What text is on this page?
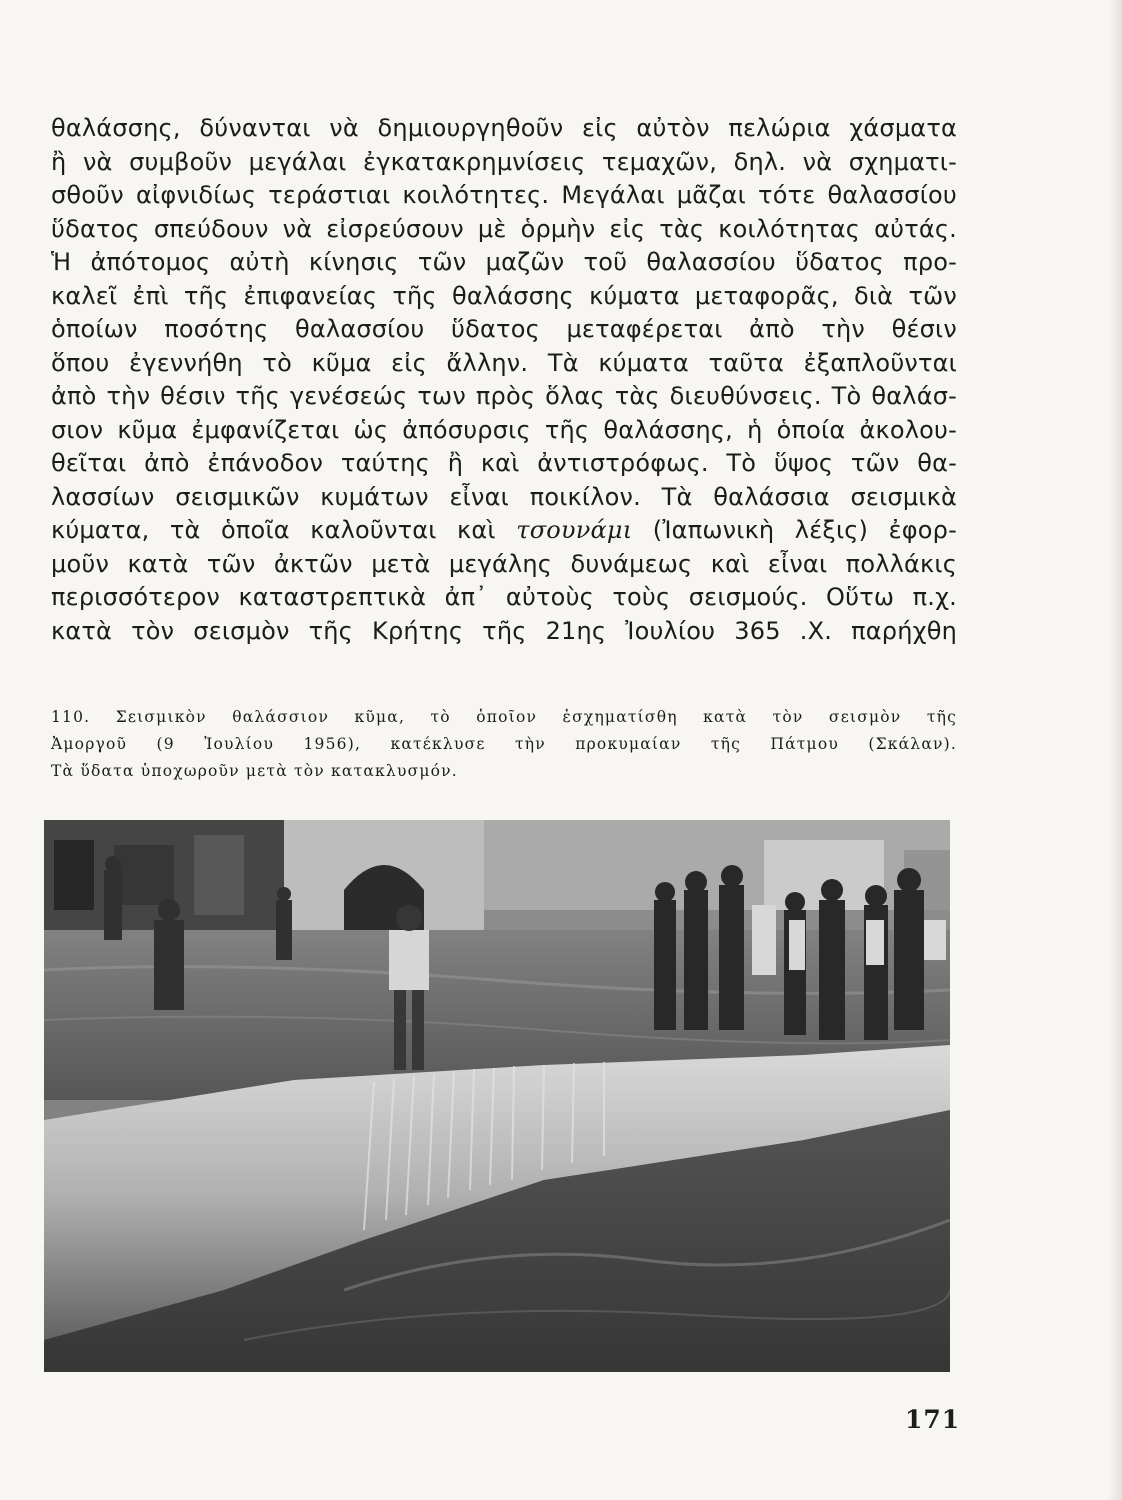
θαλάσσης, δύνανται νὰ δημιουργηθοῦν εἰς αὐτὸν πελώρια χάσματα
ἢ νὰ συμβοῦν μεγάλαι ἐγκατακρημνίσεις τεμαχῶν, δηλ. νὰ σχηματι-
σθοῦν αἰφνιδίως τεράστιαι κοιλότητες. Μεγάλαι μᾶζαι τότε θαλασσίου
ὕδατος σπεύδουν νὰ εἰσρεύσουν μὲ ὁρμὴν εἰς τὰς κοιλότητας αὐτάς.
Ἡ ἀπότομος αὐτὴ κίνησις τῶν μαζῶν τοῦ θαλασσίου ὕδατος προ-
καλεῖ ἐπὶ τῆς ἐπιφανείας τῆς θαλάσσης κύματα μεταφορᾶς, διὰ τῶν
ὁποίων ποσότης θαλασσίου ὕδατος μεταφέρεται ἀπὸ τὴν θέσιν
ὅπου ἐγεννήθη τὸ κῦμα εἰς ἄλλην. Τὰ κύματα ταῦτα ἐξαπλοῦνται
ἀπὸ τὴν θέσιν τῆς γενέσεώς των πρὸς ὅλας τὰς διευθύνσεις. Τὸ θαλάσ-
σιον κῦμα ἐμφανίζεται ὡς ἀπόσυρσις τῆς θαλάσσης, ἡ ὁποία ἀκολου-
θεῖται ἀπὸ ἐπάνοδον ταύτης ἢ καὶ ἀντιστρόφως. Τὸ ὕψος τῶν θα-
λασσίων σεισμικῶν κυμάτων εἶναι ποικίλον. Τὰ θαλάσσια σεισμικὰ
κύματα, τὰ ὁποῖα καλοῦνται καὶ τσουνάμι (Ἰαπωνικὴ λέξις) ἐφορ-
μοῦν κατὰ τῶν ἀκτῶν μετὰ μεγάλης δυνάμεως καὶ εἶναι πολλάκις
περισσότερον καταστρεπτικὰ ἀπ᾽ αὐτοὺς τοὺς σεισμούς. Οὕτω π.χ.
κατὰ τὸν σεισμὸν τῆς Κρήτης τῆς 21ης Ἰουλίου 365 .Χ. παρήχθη
110. Σεισμικὸν θαλάσσιον κῦμα, τὸ ὁποῖον ἐσχηματίσθη κατὰ τὸν σεισμὸν τῆς
Ἀμοργοῦ (9 Ἰουλίου 1956), κατέκλυσε τὴν προκυμαίαν τῆς Πάτμου (Σκάλαν).
Τὰ ὕδατα ὑποχωροῦν μετὰ τὸν κατακλυσμόν.
171
